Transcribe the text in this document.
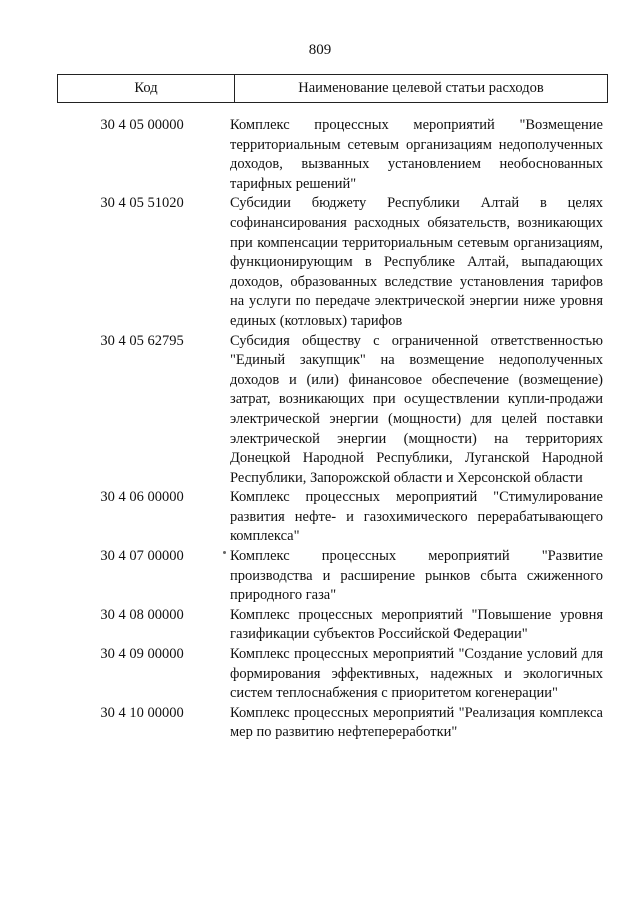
809
Код	Наименование целевой статьи расходов
30 4 05 00000	Комплекс процессных мероприятий "Возмещение территориальным сетевым организациям недополученных доходов, вызванных установлением необоснованных тарифных решений"
30 4 05 51020	Субсидии бюджету Республики Алтай в целях софинансирования расходных обязательств, возникающих при компенсации территориальным сетевым организациям, функционирующим в Республике Алтай, выпадающих доходов, образованных вследствие установления тарифов на услуги по передаче электрической энергии ниже уровня единых (котловых) тарифов
30 4 05 62795	Субсидия обществу с ограниченной ответственностью "Единый закупщик" на возмещение недополученных доходов и (или) финансовое обеспечение (возмещение) затрат, возникающих при осуществлении купли-продажи электрической энергии (мощности) для целей поставки электрической энергии (мощности) на территориях Донецкой Народной Республики, Луганской Народной Республики, Запорожской области и Херсонской области
30 4 06 00000	Комплекс процессных мероприятий "Стимулирование развития нефте- и газохимического перерабатывающего комплекса"
30 4 07 00000	Комплекс процессных мероприятий "Развитие производства и расширение рынков сбыта сжиженного природного газа"
30 4 08 00000	Комплекс процессных мероприятий "Повышение уровня газификации субъектов Российской Федерации"
30 4 09 00000	Комплекс процессных мероприятий "Создание условий для формирования эффективных, надежных и экологичных систем теплоснабжения с приоритетом когенерации"
30 4 10 00000	Комплекс процессных мероприятий "Реализация комплекса мер по развитию нефтепереработки"
